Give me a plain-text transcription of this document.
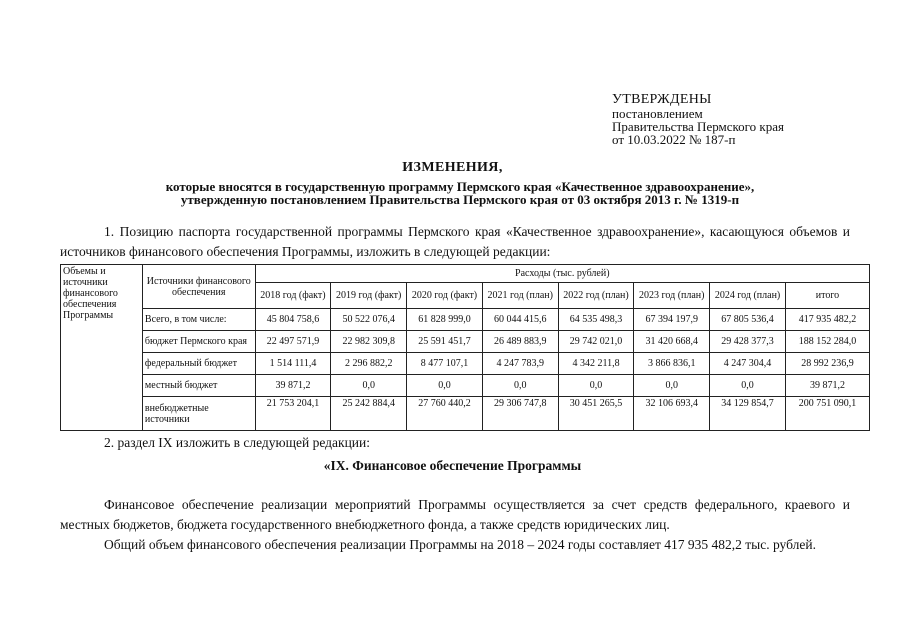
УТВЕРЖДЕНЫ
постановлением
Правительства Пермского края
от 10.03.2022 № 187-п
ИЗМЕНЕНИЯ,
которые вносятся в государственную программу Пермского края «Качественное здравоохранение»,
утвержденную постановлением Правительства Пермского края от 03 октября 2013 г. № 1319-п
1. Позицию паспорта государственной программы Пермского края «Качественное здравоохранение», касающуюся объемов и источников финансового обеспечения Программы, изложить в следующей редакции:
Объемы и источники финансового обеспечения Программы	Источники финансового обеспечения	Расходы (тыс. рублей)							
		2018 год (факт)	2019 год (факт)	2020 год (факт)	2021 год (план)	2022 год (план)	2023 год (план)	2024 год (план)	итого
	Всего, в том числе:	45 804 758,6	50 522 076,4	61 828 999,0	60 044 415,6	64 535 498,3	67 394 197,9	67 805 536,4	417 935 482,2
	бюджет Пермского края	22 497 571,9	22 982 309,8	25 591 451,7	26 489 883,9	29 742 021,0	31 420 668,4	29 428 377,3	188 152 284,0
	федеральный бюджет	1 514 111,4	2 296 882,2	8 477 107,1	4 247 783,9	4 342 211,8	3 866 836,1	4 247 304,4	28 992 236,9
	местный бюджет	39 871,2	0,0	0,0	0,0	0,0	0,0	0,0	39 871,2
	внебюджетные источники	21 753 204,1	25 242 884,4	27 760 440,2	29 306 747,8	30 451 265,5	32 106 693,4	34 129 854,7	200 751 090,1
2. раздел IX изложить в следующей редакции:
«IX. Финансовое обеспечение Программы
Финансовое обеспечение реализации мероприятий Программы осуществляется за счет средств федерального, краевого и местных бюджетов, бюджета государственного внебюджетного фонда, а также средств юридических лиц.
Общий объем финансового обеспечения реализации Программы на 2018 – 2024 годы составляет 417 935 482,2 тыс. рублей.
